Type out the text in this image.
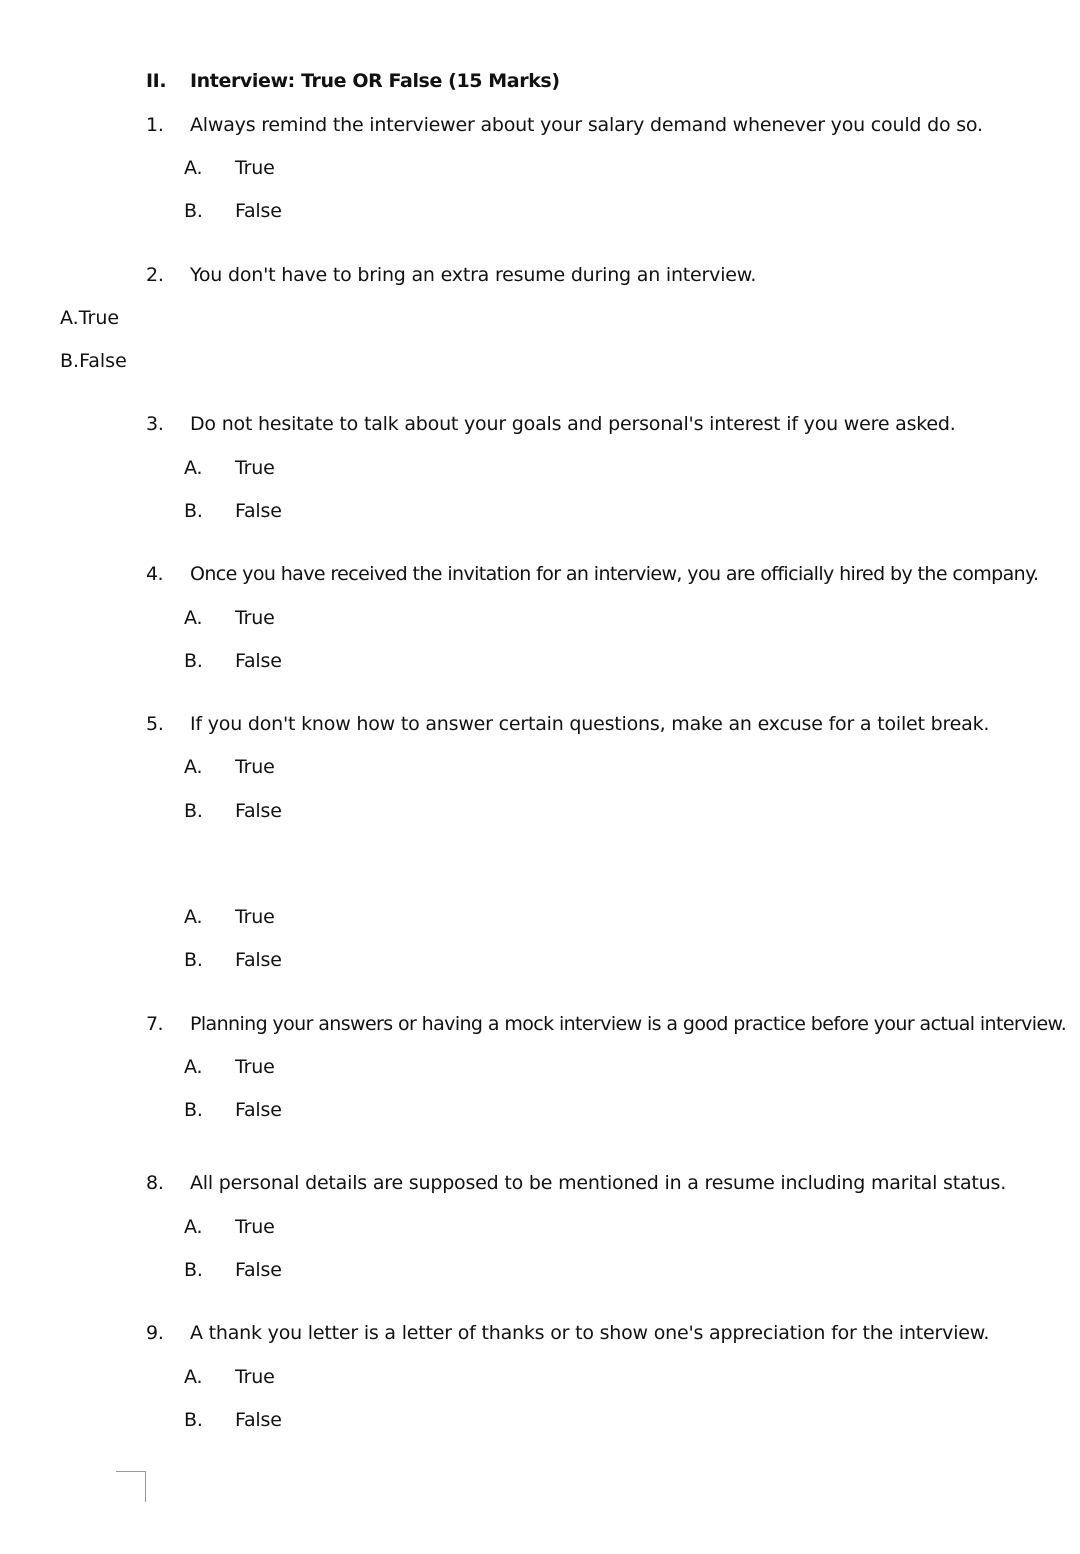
II. Interview: True OR False (15 Marks)
1. Always remind the interviewer about your salary demand whenever you could do so.
A. True
B. False
2. You don't have to bring an extra resume during an interview.
A.True
B.False
3. Do not hesitate to talk about your goals and personal's interest if you were asked.
A. True
B. False
4. Once you have received the invitation for an interview, you are officially hired by the company.
A. True
B. False
5. If you don't know how to answer certain questions, make an excuse for a toilet break.
A. True
B. False
A. True
B. False
7. Planning your answers or having a mock interview is a good practice before your actual interview.
A. True
B. False
8. All personal details are supposed to be mentioned in a resume including marital status.
A. True
B. False
9. A thank you letter is a letter of thanks or to show one's appreciation for the interview.
A. True
B. False
